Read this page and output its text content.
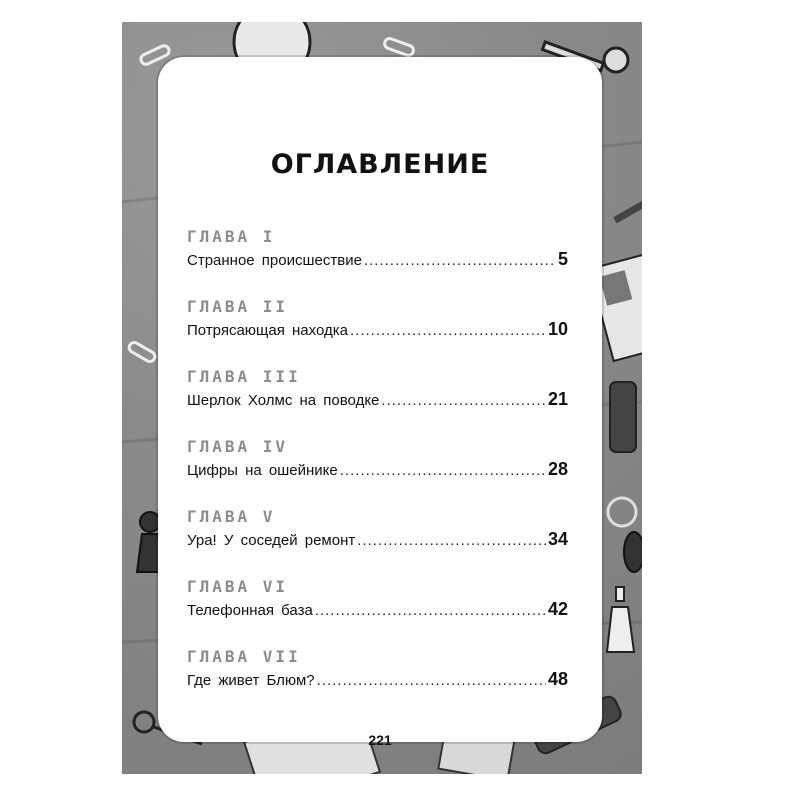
ОГЛАВЛЕНИЕ
ГЛАВА I
Странное происшествие .....	5
ГЛАВА II
Потрясающая находка .....	10
ГЛАВА III
Шерлок Холмс на поводке .....	21
ГЛАВА IV
Цифры на ошейнике .....	28
ГЛАВА V
Ура! У соседей ремонт .....	34
ГЛАВА VI
Телефонная база .....	42
ГЛАВА VII
Где живет Блюм? .....	48
221
